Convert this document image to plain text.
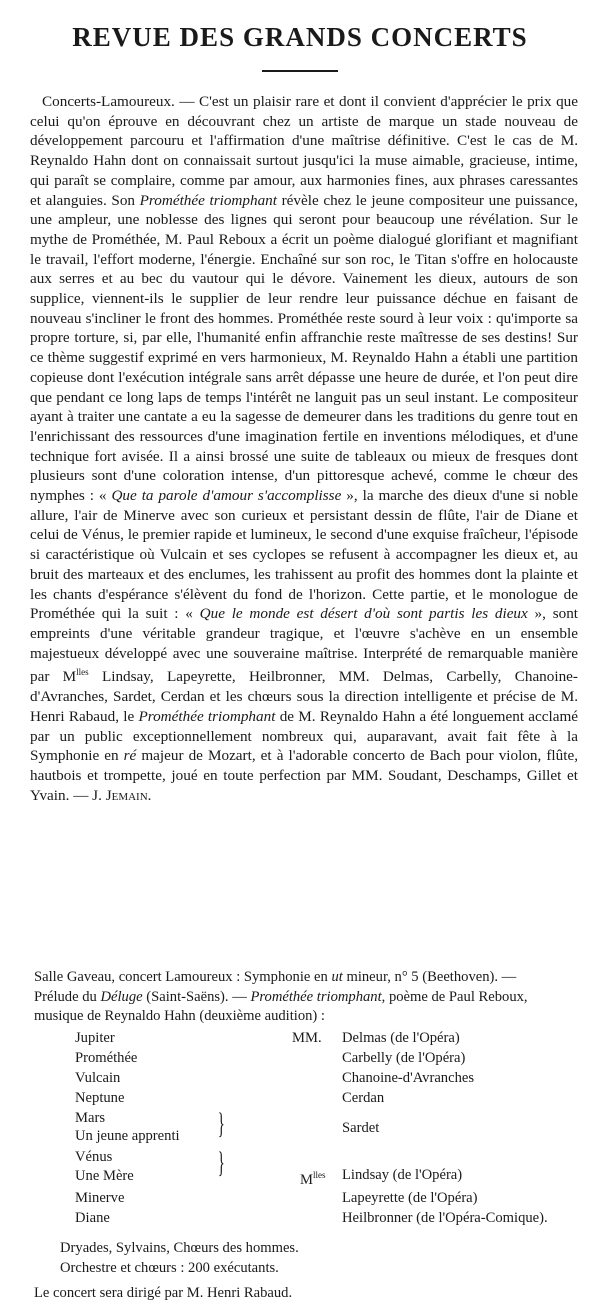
REVUE DES GRANDS CONCERTS

Concerts-Lamoureux. — C'est un plaisir rare et dont il convient d'apprécier le prix que celui qu'on éprouve en découvrant chez un artiste de marque un stade nouveau de développement parcouru et l'affirmation d'une maîtrise définitive. C'est le cas de M. Reynaldo Hahn dont on connaissait surtout jusqu'ici la muse aimable, gracieuse, intime, qui paraît se complaire, comme par amour, aux harmonies fines, aux phrases caressantes et alanguies. Son Prométhée triomphant révèle chez le jeune compositeur une puissance, une ampleur, une noblesse des lignes qui seront pour beaucoup une révélation. Sur le mythe de Prométhée, M. Paul Reboux a écrit un poème dialogué glorifiant et magnifiant le travail, l'effort moderne, l'énergie. Enchaîné sur son roc, le Titan s'offre en holocauste aux serres et au bec du vautour qui le dévore. Vainement les dieux, autours de son supplice, viennent-ils le supplier de leur rendre leur puissance déchue en faisant de nouveau s'incliner le front des hommes. Prométhée reste sourd à leur voix : qu'importe sa propre torture, si, par elle, l'humanité enfin affranchie reste maîtresse de ses destins! Sur ce thème suggestif exprimé en vers harmonieux, M. Reynaldo Hahn a établi une partition copieuse dont l'exécution intégrale sans arrêt dépasse une heure de durée, et l'on peut dire que pendant ce long laps de temps l'intérêt ne languit pas un seul instant. Le compositeur ayant à traiter une cantate a eu la sagesse de demeurer dans les traditions du genre tout en l'enrichissant des ressources d'une imagination fertile en inventions mélodiques, et d'une technique fort avisée. Il a ainsi brossé une suite de tableaux ou mieux de fresques dont plusieurs sont d'une coloration intense, d'un pittoresque achevé, comme le chœur des nymphes : « Que ta parole d'amour s'accomplisse », la marche des dieux d'une si noble allure, l'air de Minerve avec son curieux et persistant dessin de flûte, l'air de Diane et celui de Vénus, le premier rapide et lumineux, le second d'une exquise fraîcheur, l'épisode si caractéristique où Vulcain et ses cyclopes se refusent à accompagner les dieux et, au bruit des marteaux et des enclumes, les trahissent au profit des hommes dont la plainte et les chants d'espérance s'élèvent du fond de l'horizon. Cette partie, et le monologue de Prométhée qui la suit : « Que le monde est désert d'où sont partis les dieux », sont empreints d'une véritable grandeur tragique, et l'œuvre s'achève en un ensemble majestueux développé avec une souveraine maîtrise. Interprété de remarquable manière par $M^{lles}$ Lindsay, Lapeyrette, Heilbronner, MM. Delmas, Carbelly, Chanoine-d'Avranches, Sardet, Cerdan et les chœurs sous la direction intelligente et précise de M. Henri Rabaud, le Prométhée triomphant de M. Reynaldo Hahn a été longuement acclamé par un public exceptionnellement nombreux qui, auparavant, avait fait fête à la Symphonie en ré majeur de Mozart, et à l'adorable concerto de Bach pour violon, flûte, hautbois et trompette, joué en toute perfection par MM. Soudant, Deschamps, Gillet et Yvain. — J. Jemain.

Salle Gaveau, concert Lamoureux : Symphonie en ut mineur, n° 5 (Beethoven). —
Prélude du Déluge (Saint-Saëns). — Prométhée triomphant, poème de Paul Reboux,
musique de Reynaldo Hahn (deuxième audition) :

MM.
$M^{lles}$
Jupiter	Delmas (de l'Opéra)
Prométhée	Carbelly (de l'Opéra)
Vulcain	Chanoine-d'Avranches
Neptune	Cerdan
Mars
Un jeune apprenti }	Sardet
Vénus
Une Mère	}	Lindsay (de l'Opéra)
Minerve	Lapeyrette (de l'Opéra)
Diane	Heilbronner (de l'Opéra-Comique).
Dryades, Sylvains, Chœurs des hommes.
Orchestre et chœurs : 200 exécutants.
Le concert sera dirigé par M. Henri Rabaud.
